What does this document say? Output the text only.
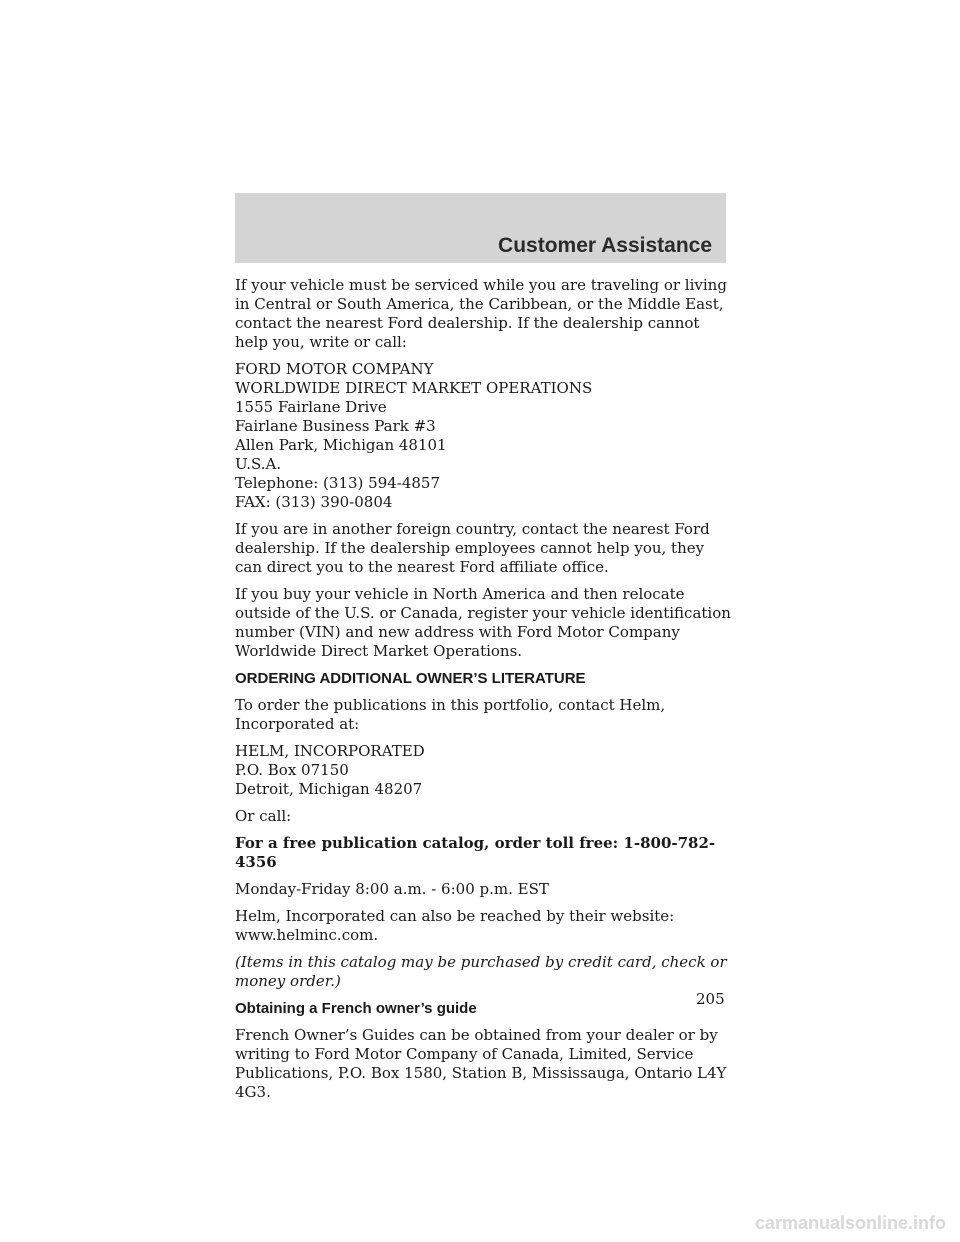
Customer Assistance

If your vehicle must be serviced while you are traveling or living in Central or South America, the Caribbean, or the Middle East, contact the nearest Ford dealership. If the dealership cannot help you, write or call:

FORD MOTOR COMPANY
WORLDWIDE DIRECT MARKET OPERATIONS
1555 Fairlane Drive
Fairlane Business Park #3
Allen Park, Michigan 48101
U.S.A.
Telephone: (313) 594-4857
FAX: (313) 390-0804

If you are in another foreign country, contact the nearest Ford dealership. If the dealership employees cannot help you, they can direct you to the nearest Ford affiliate office.

If you buy your vehicle in North America and then relocate outside of the U.S. or Canada, register your vehicle identification number (VIN) and new address with Ford Motor Company Worldwide Direct Market Operations.

ORDERING ADDITIONAL OWNER’S LITERATURE

To order the publications in this portfolio, contact Helm, Incorporated at:

HELM, INCORPORATED
P.O. Box 07150
Detroit, Michigan 48207

Or call:

For a free publication catalog, order toll free: 1-800-782-4356

Monday-Friday 8:00 a.m. - 6:00 p.m. EST

Helm, Incorporated can also be reached by their website:
www.helminc.com.

(Items in this catalog may be purchased by credit card, check or money order.)

Obtaining a French owner’s guide

French Owner’s Guides can be obtained from your dealer or by writing to Ford Motor Company of Canada, Limited, Service Publications, P.O. Box 1580, Station B, Mississauga, Ontario L4Y 4G3.

205
carmanualsonline.info
